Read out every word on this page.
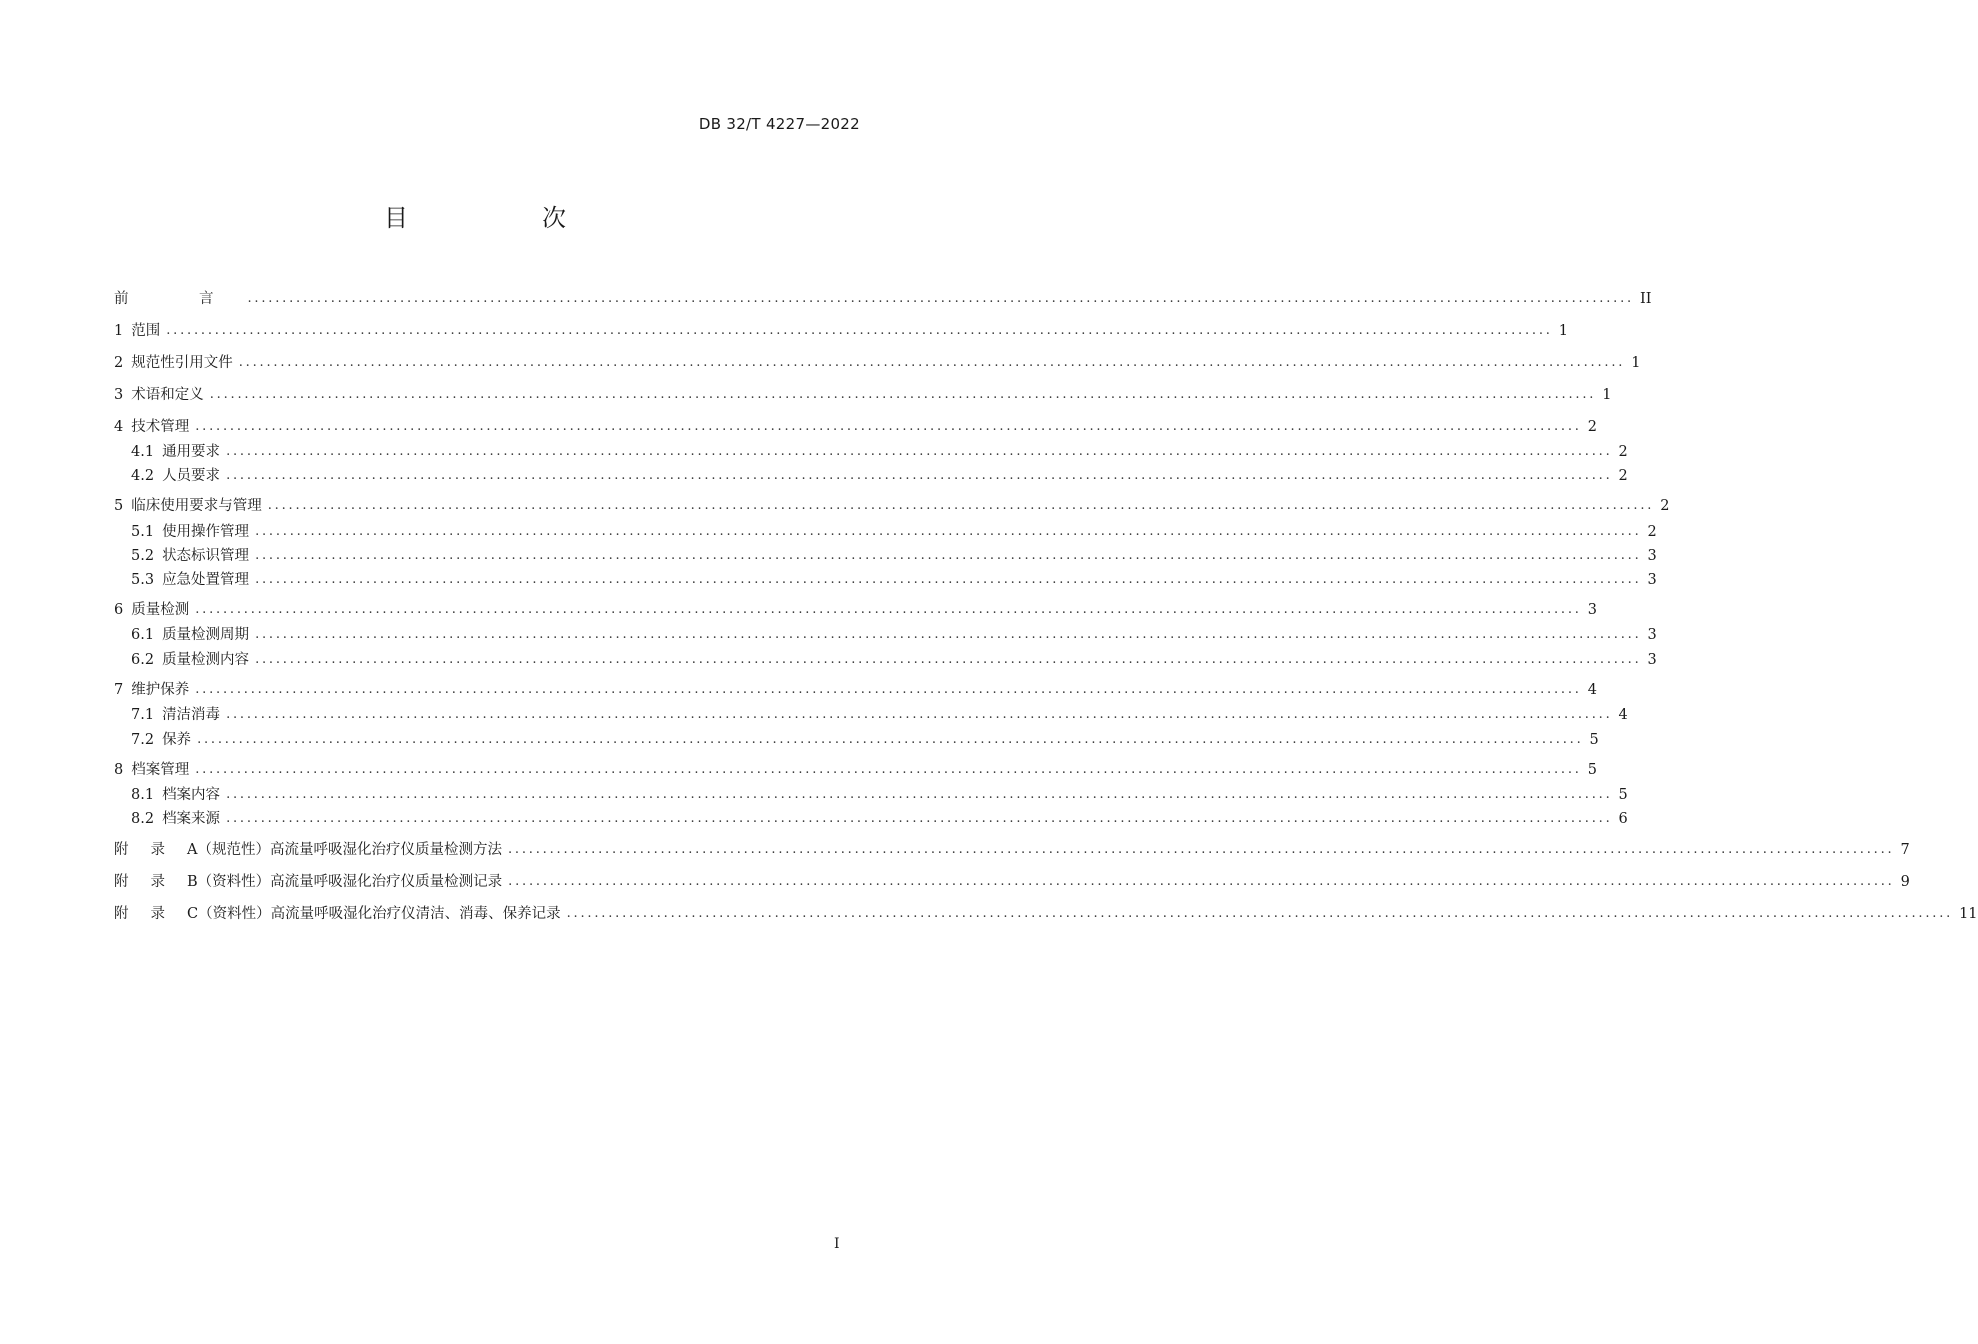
DB 32/T 4227—2022
目　次
前　言 ........................................................................................................................................................................................................ II
1 范围 ........................................................................................................................................................................................................ 1
2 规范性引用文件 ........................................................................................................................................................................................................ 1
3 术语和定义 ........................................................................................................................................................................................................ 1
4 技术管理 ........................................................................................................................................................................................................ 2
4.1 通用要求 ........................................................................................................................................................................................................ 2
4.2 人员要求 ........................................................................................................................................................................................................ 2
5 临床使用要求与管理 ........................................................................................................................................................................................................ 2
5.1 使用操作管理 ........................................................................................................................................................................................................ 2
5.2 状态标识管理 ........................................................................................................................................................................................................ 3
5.3 应急处置管理 ........................................................................................................................................................................................................ 3
6 质量检测 ........................................................................................................................................................................................................ 3
6.1 质量检测周期 ........................................................................................................................................................................................................ 3
6.2 质量检测内容 ........................................................................................................................................................................................................ 3
7 维护保养 ........................................................................................................................................................................................................ 4
7.1 清洁消毒 ........................................................................................................................................................................................................ 4
7.2 保养 ........................................................................................................................................................................................................ 5
8 档案管理 ........................................................................................................................................................................................................ 5
8.1 档案内容 ........................................................................................................................................................................................................ 5
8.2 档案来源 ........................................................................................................................................................................................................ 6
附录 A （规范性） 高流量呼吸湿化治疗仪质量检测方法 ........................................................................................................................................................................................................ 7
附录 B （资料性） 高流量呼吸湿化治疗仪质量检测记录 ........................................................................................................................................................................................................ 9
附录 C （资料性） 高流量呼吸湿化治疗仪清洁、消毒、保养记录 ........................................................................................................................................................................................................ 11
I
